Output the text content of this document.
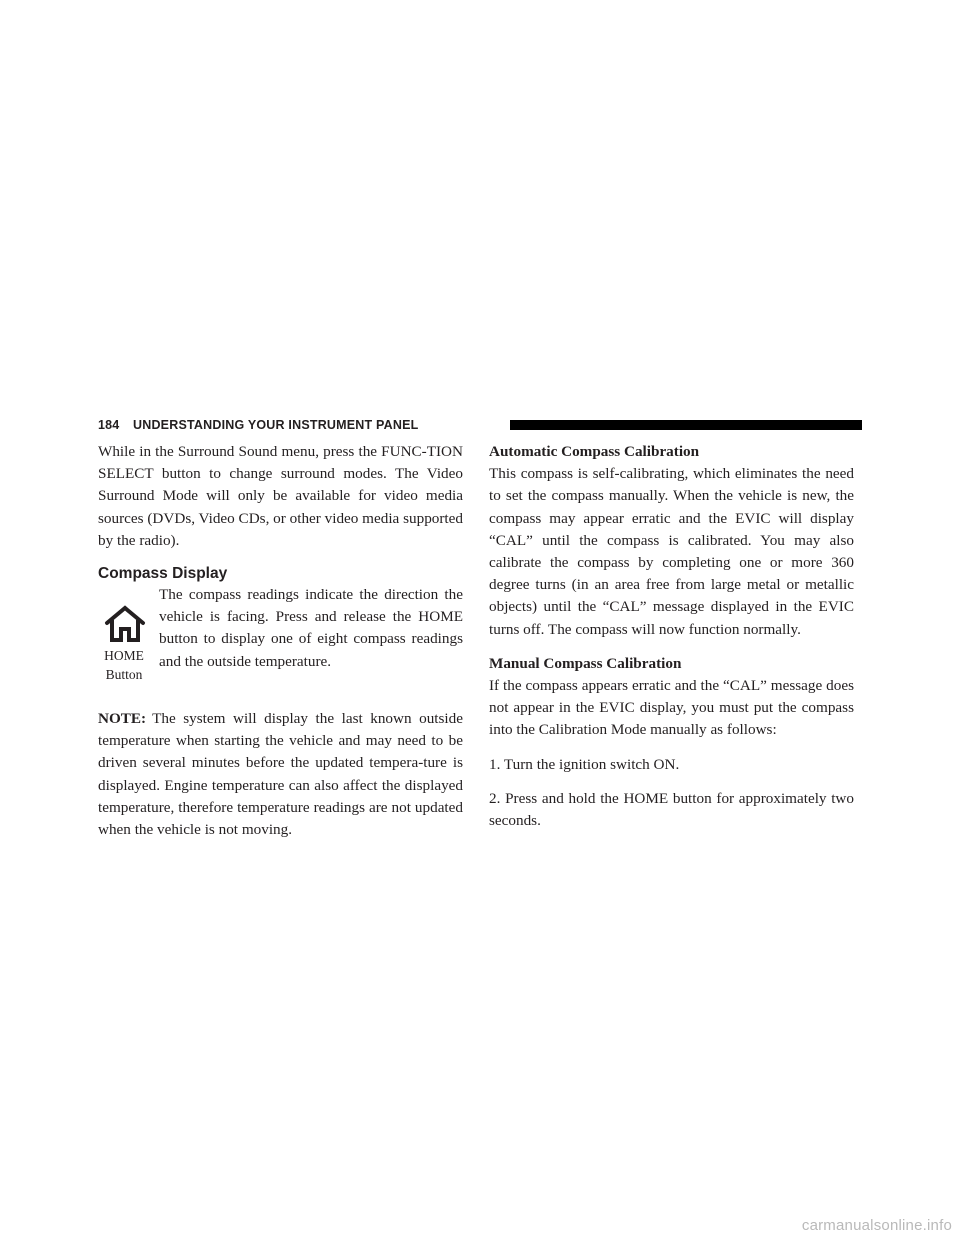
184 UNDERSTANDING YOUR INSTRUMENT PANEL

While in the Surround Sound menu, press the FUNC-TION SELECT button to change surround modes. The Video Surround Mode will only be available for video media sources (DVDs, Video CDs, or other video media supported by the radio).

Compass Display
HOME
Button

The compass readings indicate the direction the vehicle is facing. Press and release the HOME button to display one of eight compass readings and the outside temperature.

NOTE: The system will display the last known outside temperature when starting the vehicle and may need to be driven several minutes before the updated tempera-ture is displayed. Engine temperature can also affect the displayed temperature, therefore temperature readings are not updated when the vehicle is not moving.

Automatic Compass Calibration

This compass is self-calibrating, which eliminates the need to set the compass manually. When the vehicle is new, the compass may appear erratic and the EVIC will display “CAL” until the compass is calibrated. You may also calibrate the compass by completing one or more 360 degree turns (in an area free from large metal or metallic objects) until the “CAL” message displayed in the EVIC turns off. The compass will now function normally.

Manual Compass Calibration

If the compass appears erratic and the “CAL” message does not appear in the EVIC display, you must put the compass into the Calibration Mode manually as follows:

1. Turn the ignition switch ON.

2. Press and hold the HOME button for approximately two seconds.

carmanualsonline.info
